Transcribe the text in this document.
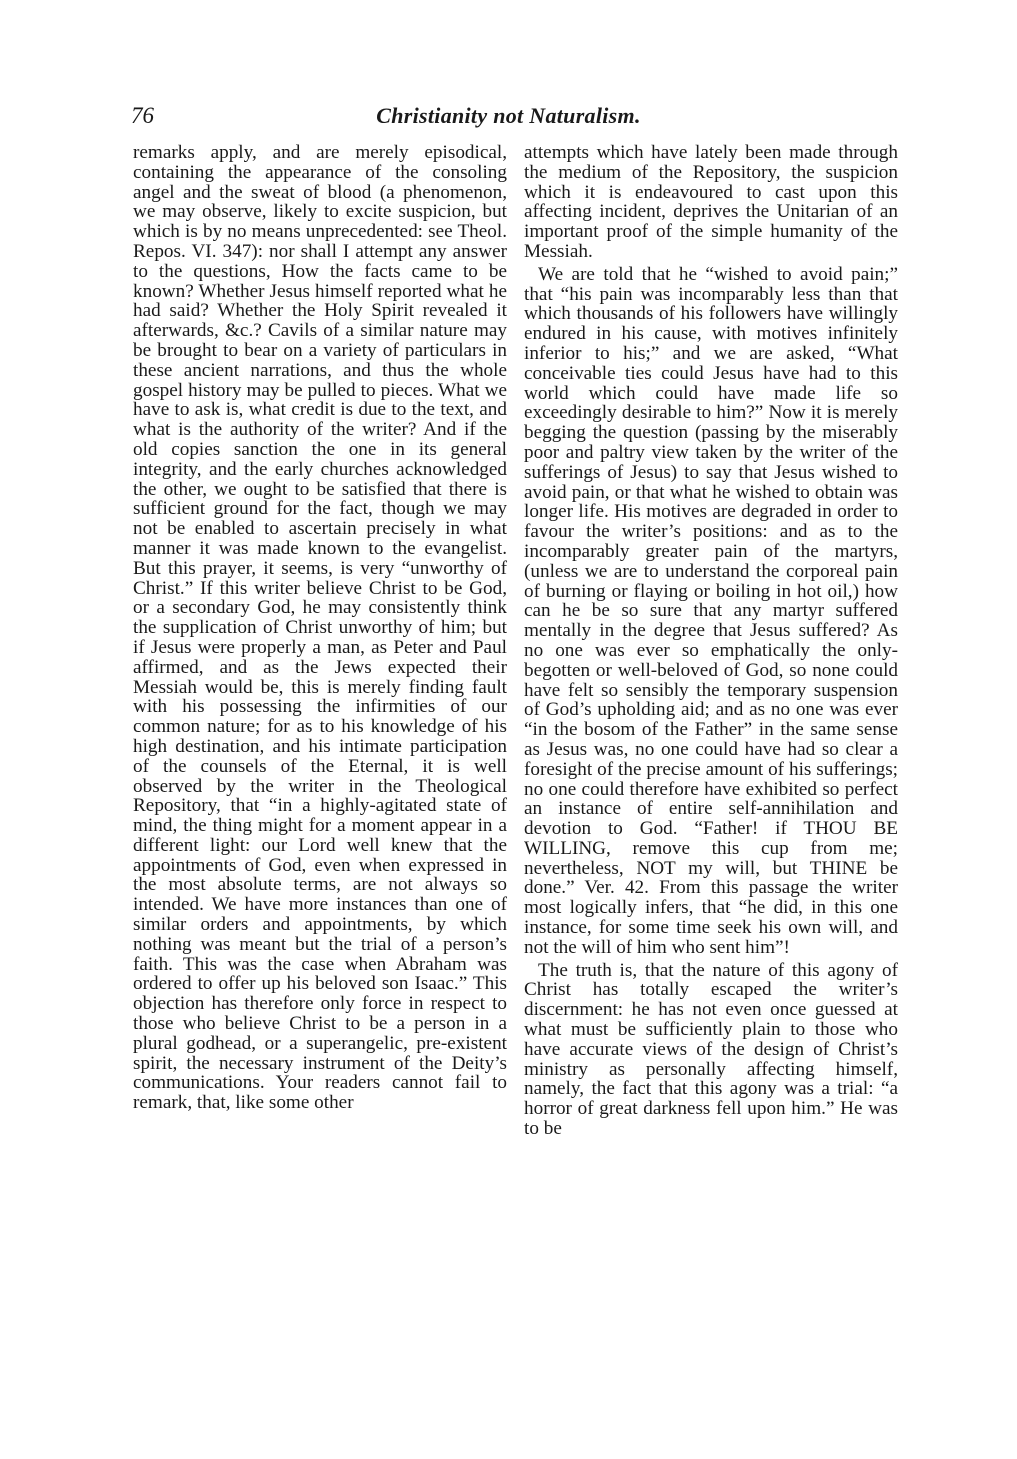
76	Christianity not Naturalism.

remarks apply, and are merely episodical, containing the appearance of the consoling angel and the sweat of blood (a phenomenon, we may observe, likely to excite suspicion, but which is by no means unprecedented: see Theol. Repos. VI. 347): nor shall I attempt any answer to the questions, How the facts came to be known? Whether Jesus himself reported what he had said? Whether the Holy Spirit revealed it afterwards, &c.? Cavils of a similar nature may be brought to bear on a variety of particulars in these ancient narrations, and thus the whole gospel history may be pulled to pieces. What we have to ask is, what credit is due to the text, and what is the authority of the writer? And if the old copies sanction the one in its general integrity, and the early churches acknowledged the other, we ought to be satisfied that there is sufficient ground for the fact, though we may not be enabled to ascertain precisely in what manner it was made known to the evangelist. But this prayer, it seems, is very “unworthy of Christ.” If this writer believe Christ to be God, or a secondary God, he may consistently think the supplication of Christ unworthy of him; but if Jesus were properly a man, as Peter and Paul affirmed, and as the Jews expected their Messiah would be, this is merely finding fault with his possessing the infirmities of our common nature; for as to his knowledge of his high destination, and his intimate participation of the counsels of the Eternal, it is well observed by the writer in the Theological Repository, that “in a highly-agitated state of mind, the thing might for a moment appear in a different light: our Lord well knew that the appointments of God, even when expressed in the most absolute terms, are not always so intended. We have more instances than one of similar orders and appointments, by which nothing was meant but the trial of a person’s faith. This was the case when Abraham was ordered to offer up his beloved son Isaac.” This objection has therefore only force in respect to those who believe Christ to be a person in a plural godhead, or a superangelic, pre-existent spirit, the necessary instrument of the Deity’s communications. Your readers cannot fail to remark, that, like some other

attempts which have lately been made through the medium of the Repository, the suspicion which it is endeavoured to cast upon this affecting incident, deprives the Unitarian of an important proof of the simple humanity of the Messiah.

We are told that he “wished to avoid pain;” that “his pain was incomparably less than that which thousands of his followers have willingly endured in his cause, with motives infinitely inferior to his;” and we are asked, “What conceivable ties could Jesus have had to this world which could have made life so exceedingly desirable to him?” Now it is merely begging the question (passing by the miserably poor and paltry view taken by the writer of the sufferings of Jesus) to say that Jesus wished to avoid pain, or that what he wished to obtain was longer life. His motives are degraded in order to favour the writer’s positions: and as to the incomparably greater pain of the martyrs, (unless we are to understand the corporeal pain of burning or flaying or boiling in hot oil,) how can he be so sure that any martyr suffered mentally in the degree that Jesus suffered? As no one was ever so emphatically the only-begotten or well-beloved of God, so none could have felt so sensibly the temporary suspension of God’s upholding aid; and as no one was ever “in the bosom of the Father” in the same sense as Jesus was, no one could have had so clear a foresight of the precise amount of his sufferings; no one could therefore have exhibited so perfect an instance of entire self-annihilation and devotion to God. “Father! if THOU BE WILLING, remove this cup from me; nevertheless, NOT my will, but THINE be done.” Ver. 42. From this passage the writer most logically infers, that “he did, in this one instance, for some time seek his own will, and not the will of him who sent him”!

The truth is, that the nature of this agony of Christ has totally escaped the writer’s discernment: he has not even once guessed at what must be sufficiently plain to those who have accurate views of the design of Christ’s ministry as personally affecting himself, namely, the fact that this agony was a trial: “a horror of great darkness fell upon him.” He was to be
